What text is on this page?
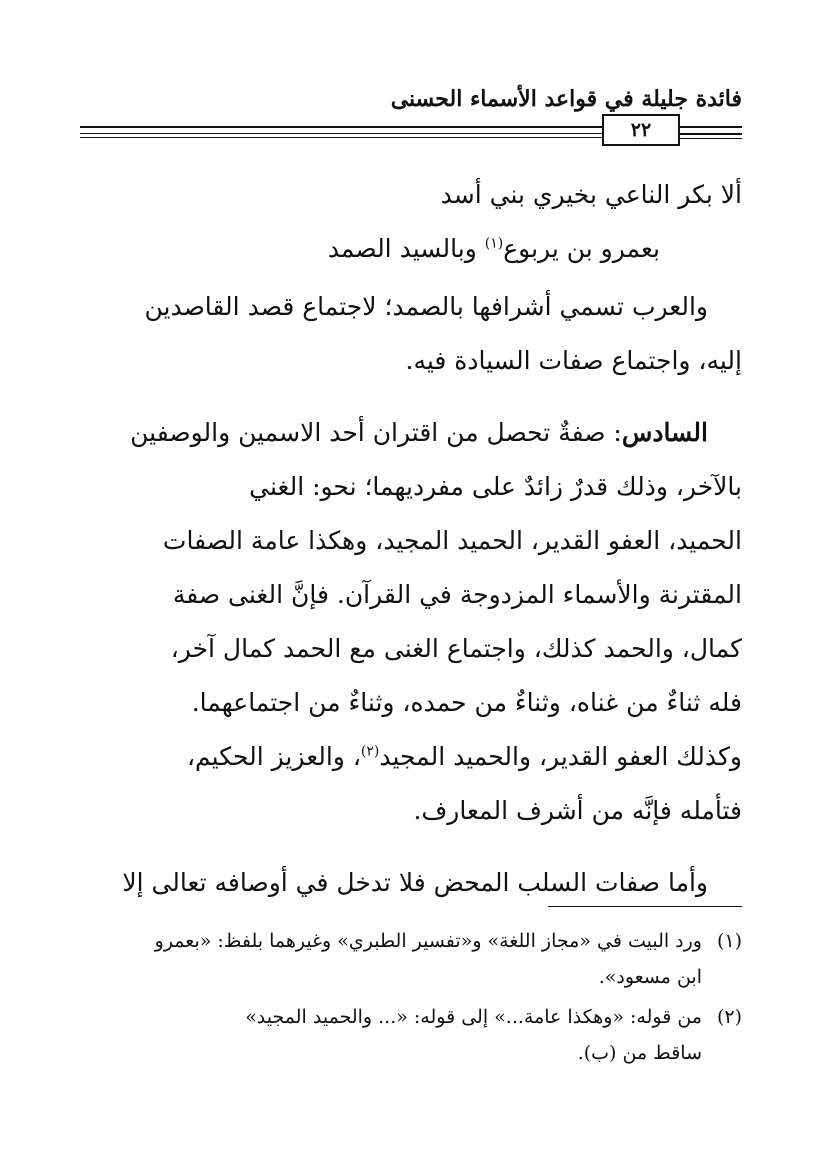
فائدة جليلة في قواعد الأسماء الحسنى
٢٢
ألا بكر الناعي بخيري بني أسد
بعمرو بن يربوع$^{(١)}$ وبالسيد الصمد
والعرب تسمي أشرافها بالصمد؛ لاجتماع قصد القاصدين
إليه، واجتماع صفات السيادة فيه.
السادس: صفةٌ تحصل من اقتران أحد الاسمين والوصفين
بالآخر، وذلك قدرٌ زائدٌ على مفرديهما؛ نحو: الغني
الحميد، العفو القدير، الحميد المجيد، وهكذا عامة الصفات
المقترنة والأسماء المزدوجة في القرآن. فإنَّ الغنى صفة
كمال، والحمد كذلك، واجتماع الغنى مع الحمد كمال آخر،
فله ثناءٌ من غناه، وثناءٌ من حمده، وثناءٌ من اجتماعهما.
وكذلك العفو القدير، والحميد المجيد$^{(٢)}$، والعزيز الحكيم،
فتأمله فإنَّه من أشرف المعارف.
وأما صفات السلب المحض فلا تدخل في أوصافه تعالى إلا
(١)ورد البيت في «مجاز اللغة» و«تفسير الطبري» وغيرهما بلفظ: «بعمرو
ابن مسعود».
(٢)من قوله: «وهكذا عامة...» إلى قوله: «... والحميد المجيد»
ساقط من (ب).
